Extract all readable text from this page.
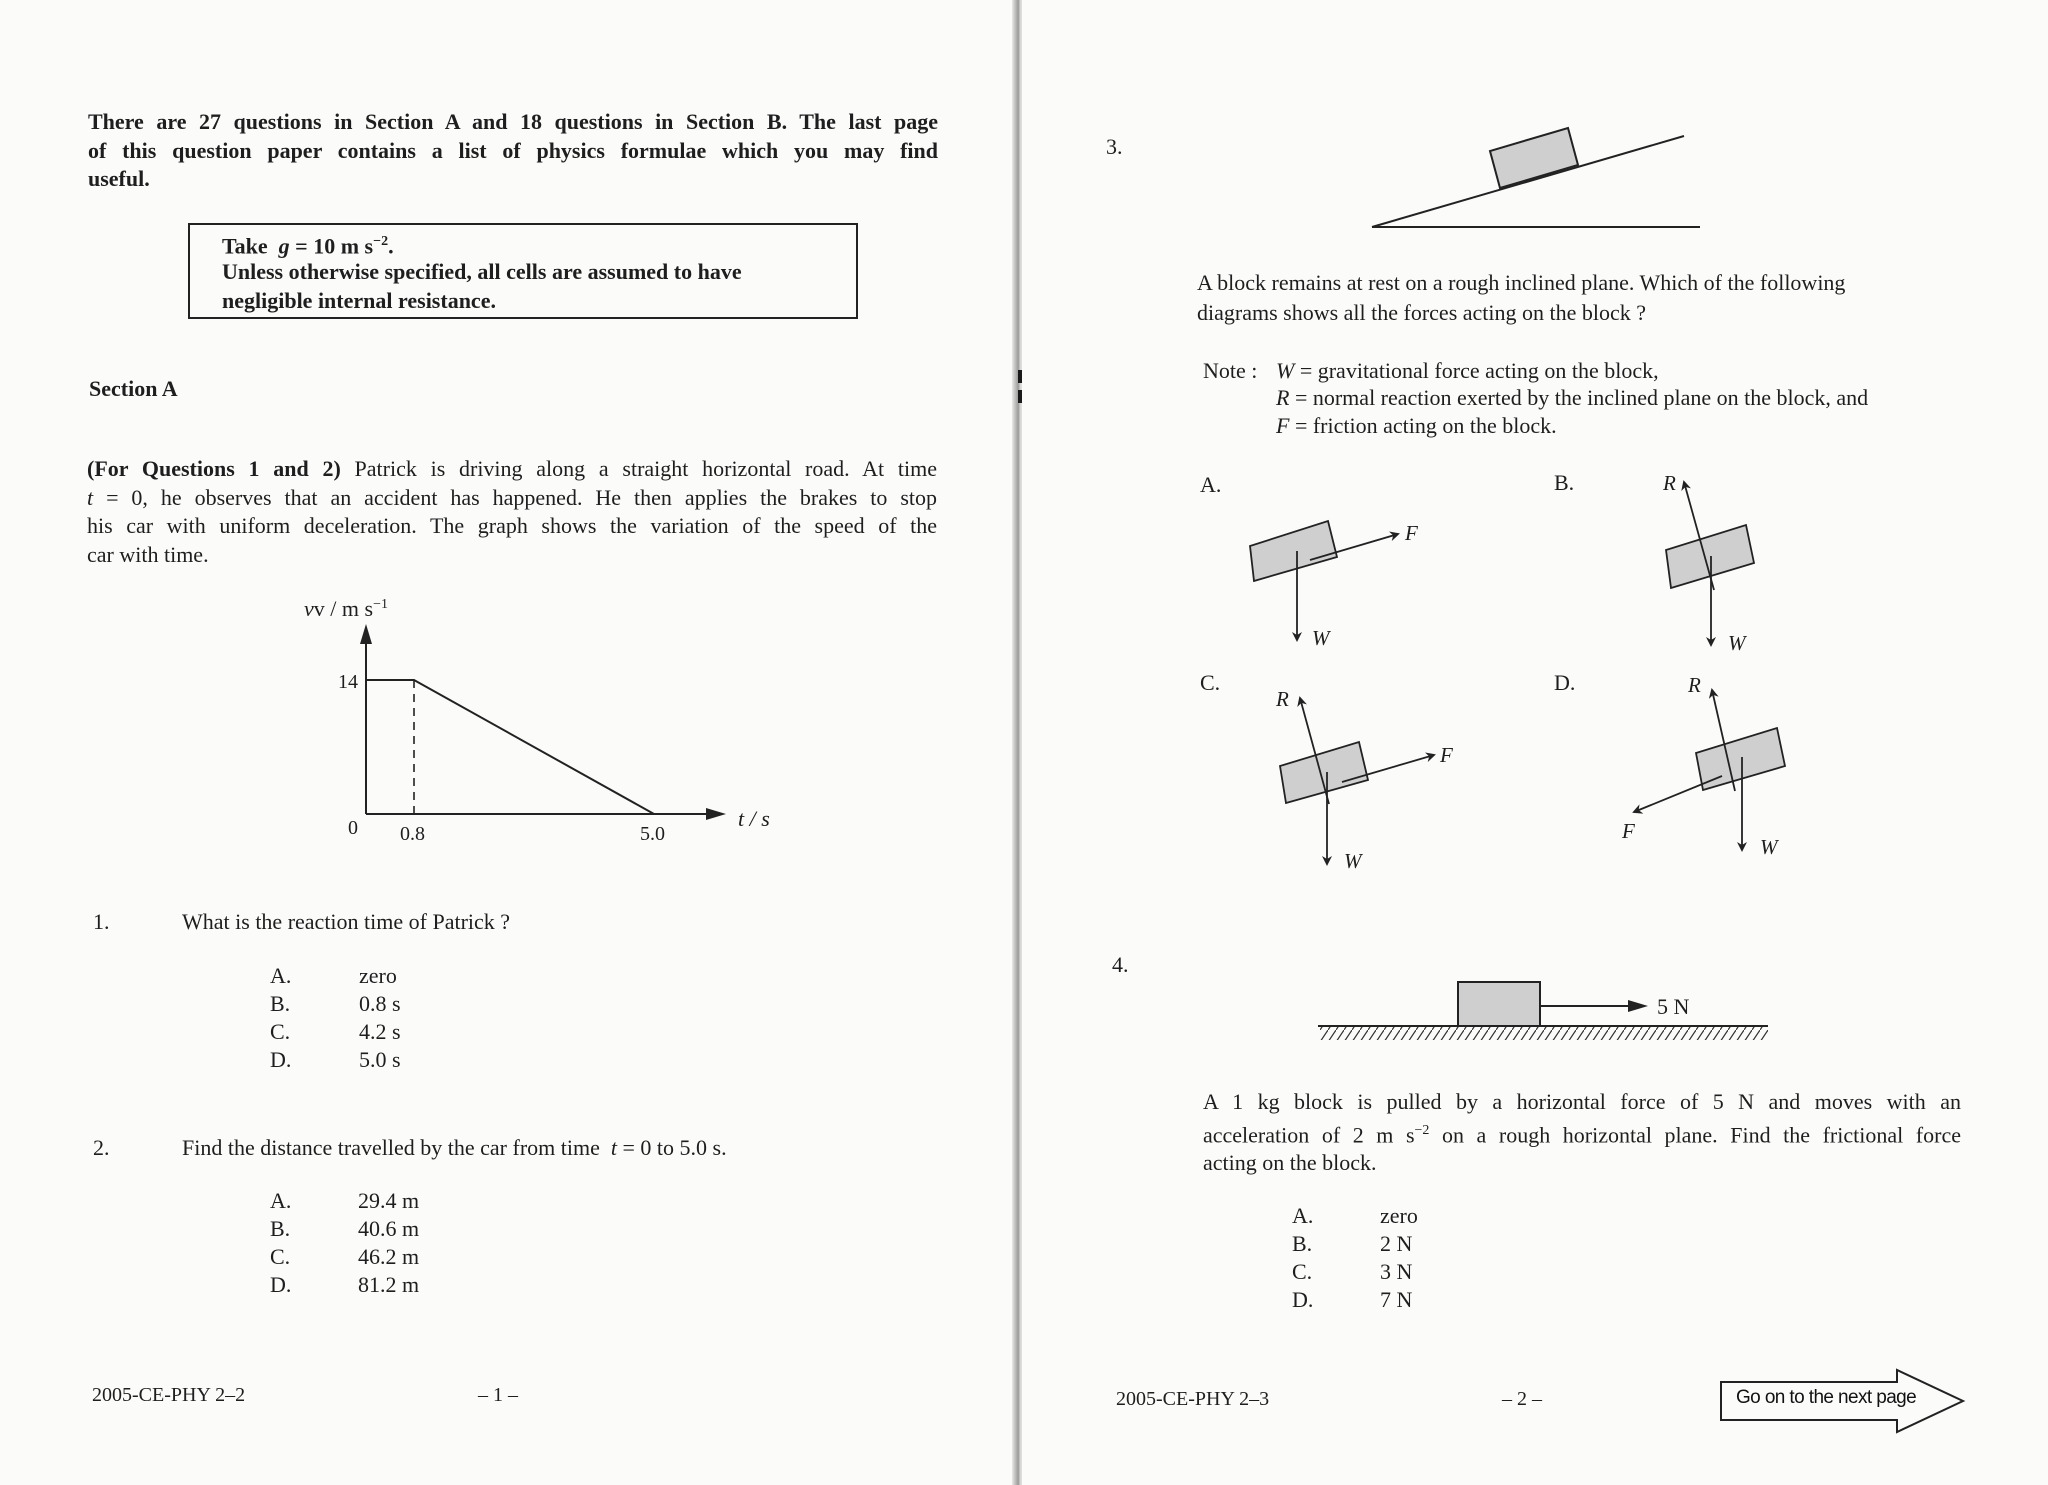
There are 27 questions in Section A and 18 questions in Section B. The last page
of this question paper contains a list of physics formulae which you may find
useful.
Take g = 10 m $s^{-2}$.
Unless otherwise specified, all cells are assumed to have
negligible internal resistance.
Section A
(For Questions 1 and 2) Patrick is driving along a straight horizontal road. At time
t = 0, he observes that an accident has happened. He then applies the brakes to stop
his car with uniform deceleration. The graph shows the variation of the speed of the
car with time.
vv / m $s^{-1}$
14
0 0.8	5.0
t / s
1.	What is the reaction time of Patrick ?
A.	zero
B.	0.8 s
C.	4.2 s
D.	5.0 s
2.	Find the distance travelled by the car from time t = 0 to 5.0 s.
A.	29.4 m
B.	40.6 m
C.	46.2 m
D.	81.2 m
2005-CE-PHY 2–2	– 1 –
3.
A block remains at rest on a rough inclined plane. Which of the following
diagrams shows all the forces acting on the block ?
Note : W = gravitational force acting on the block,
R = normal reaction exerted by the inclined plane on the block, and
F = friction acting on the block.
A.	B.
C.	D.
W
F
W
R
W
R
F
W
R
F
4.
5 N
A 1 kg block is pulled by a horizontal force of 5 N and moves with an
acceleration of 2 m $s^{-2}$ on a rough horizontal plane. Find the frictional force
acting on the block.
A.	zero
B.	2 N
C.	3 N
D.	7 N
2005-CE-PHY 2–3	– 2 –	Go on to the next page
